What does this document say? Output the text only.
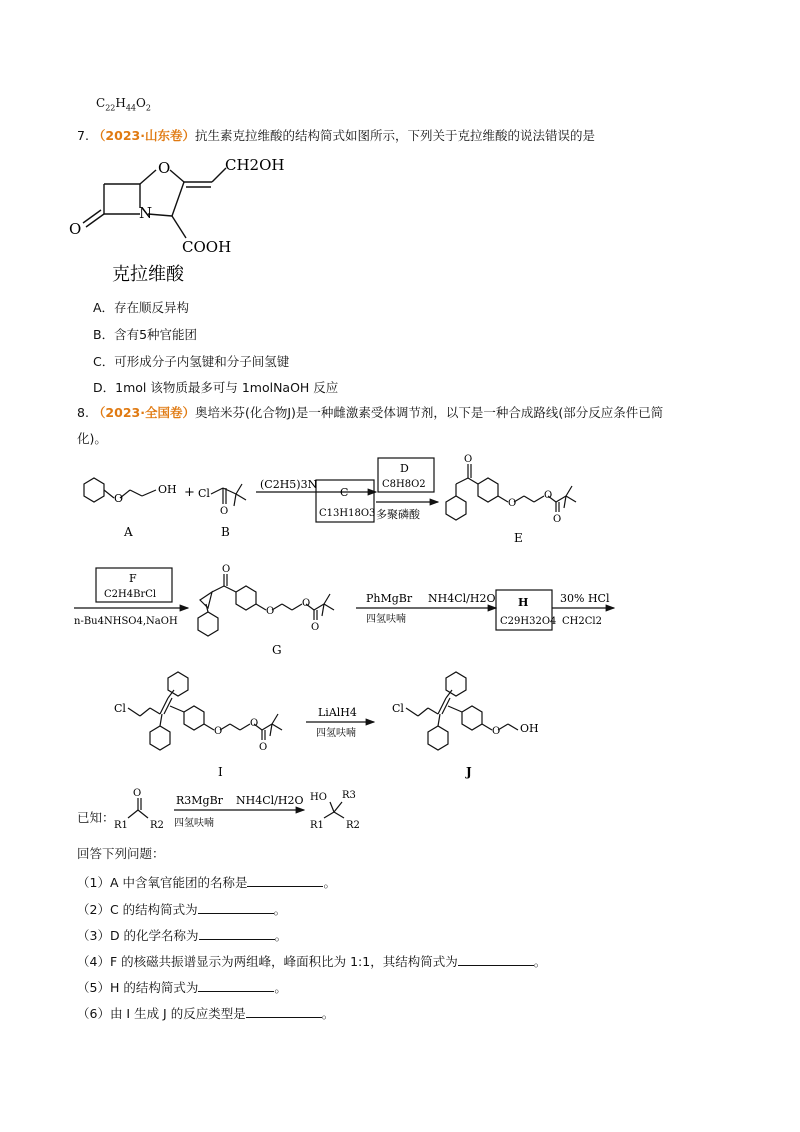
$C_{22}H_{44}O_2$
7. （2023·山东卷）抗生素克拉维酸的结构简式如图所示，下列关于克拉维酸的说法错误的是
O
N
O
CH2OH
COOH
克拉维酸
A．存在顺反异构
B．含有5种官能团
C．可形成分子内氢键和分子间氢键
D．1mol 该物质最多可与 1molNaOH 反应
8. （2023·全国卷）奥培米芬(化合物J)是一种雌激素受体调节剂，以下是一种合成路线(部分反应条件已简
化)。
O
OH
A
+ Cl
O
B
(C2H5)3N
C
C13H18O3
D
C8H8O2
多聚磷酸
O
O
O
O
E
F
C2H4BrCl
n-Bu4NHSO4,NaOH
O
O
O
O
G
PhMgBr
四氢呋喃
NH4Cl/H2O H
C29H32O4
30% HCl
CH2Cl2
Cl
O
O
O
I
LiAlH4
四氢呋喃
Cl
O OH
J
已知：
O
R1 R2
R3MgBr
四氢呋喃
NH4Cl/H2O HO R3
R1 R2
回答下列问题：
（1）A 中含氧官能团的名称是	。
（2）C 的结构简式为	。
（3）D 的化学名称为	。
（4）F 的核磁共振谱显示为两组峰，峰面积比为 1:1，其结构简式为	。
（5）H 的结构简式为	。
（6）由 I 生成 J 的反应类型是	。
